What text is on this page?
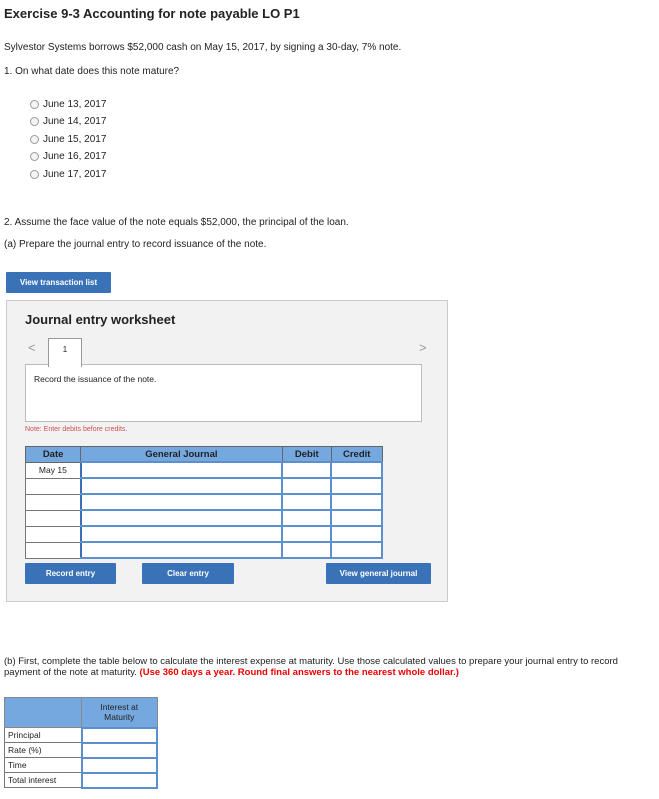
Exercise 9-3 Accounting for note payable LO P1
Sylvestor Systems borrows $52,000 cash on May 15, 2017, by signing a 30-day, 7% note.
1. On what date does this note mature?
June 13, 2017
June 14, 2017
June 15, 2017
June 16, 2017
June 17, 2017
2. Assume the face value of the note equals $52,000, the principal of the loan.
(a) Prepare the journal entry to record issuance of the note.
View transaction list
Journal entry worksheet
<	>
1
Record the issuance of the note.
Note: Enter debits before credits.
Date	General Journal	Debit	Credit
May 15			

Record entry	Clear entry	View general journal
(b) First, complete the table below to calculate the interest expense at maturity. Use those calculated values to prepare your journal entry to record payment of the note at maturity. (Use 360 days a year. Round final answers to the nearest whole dollar.)
	Interest at Maturity
Principal	
Rate (%)	
Time	
Total interest	
